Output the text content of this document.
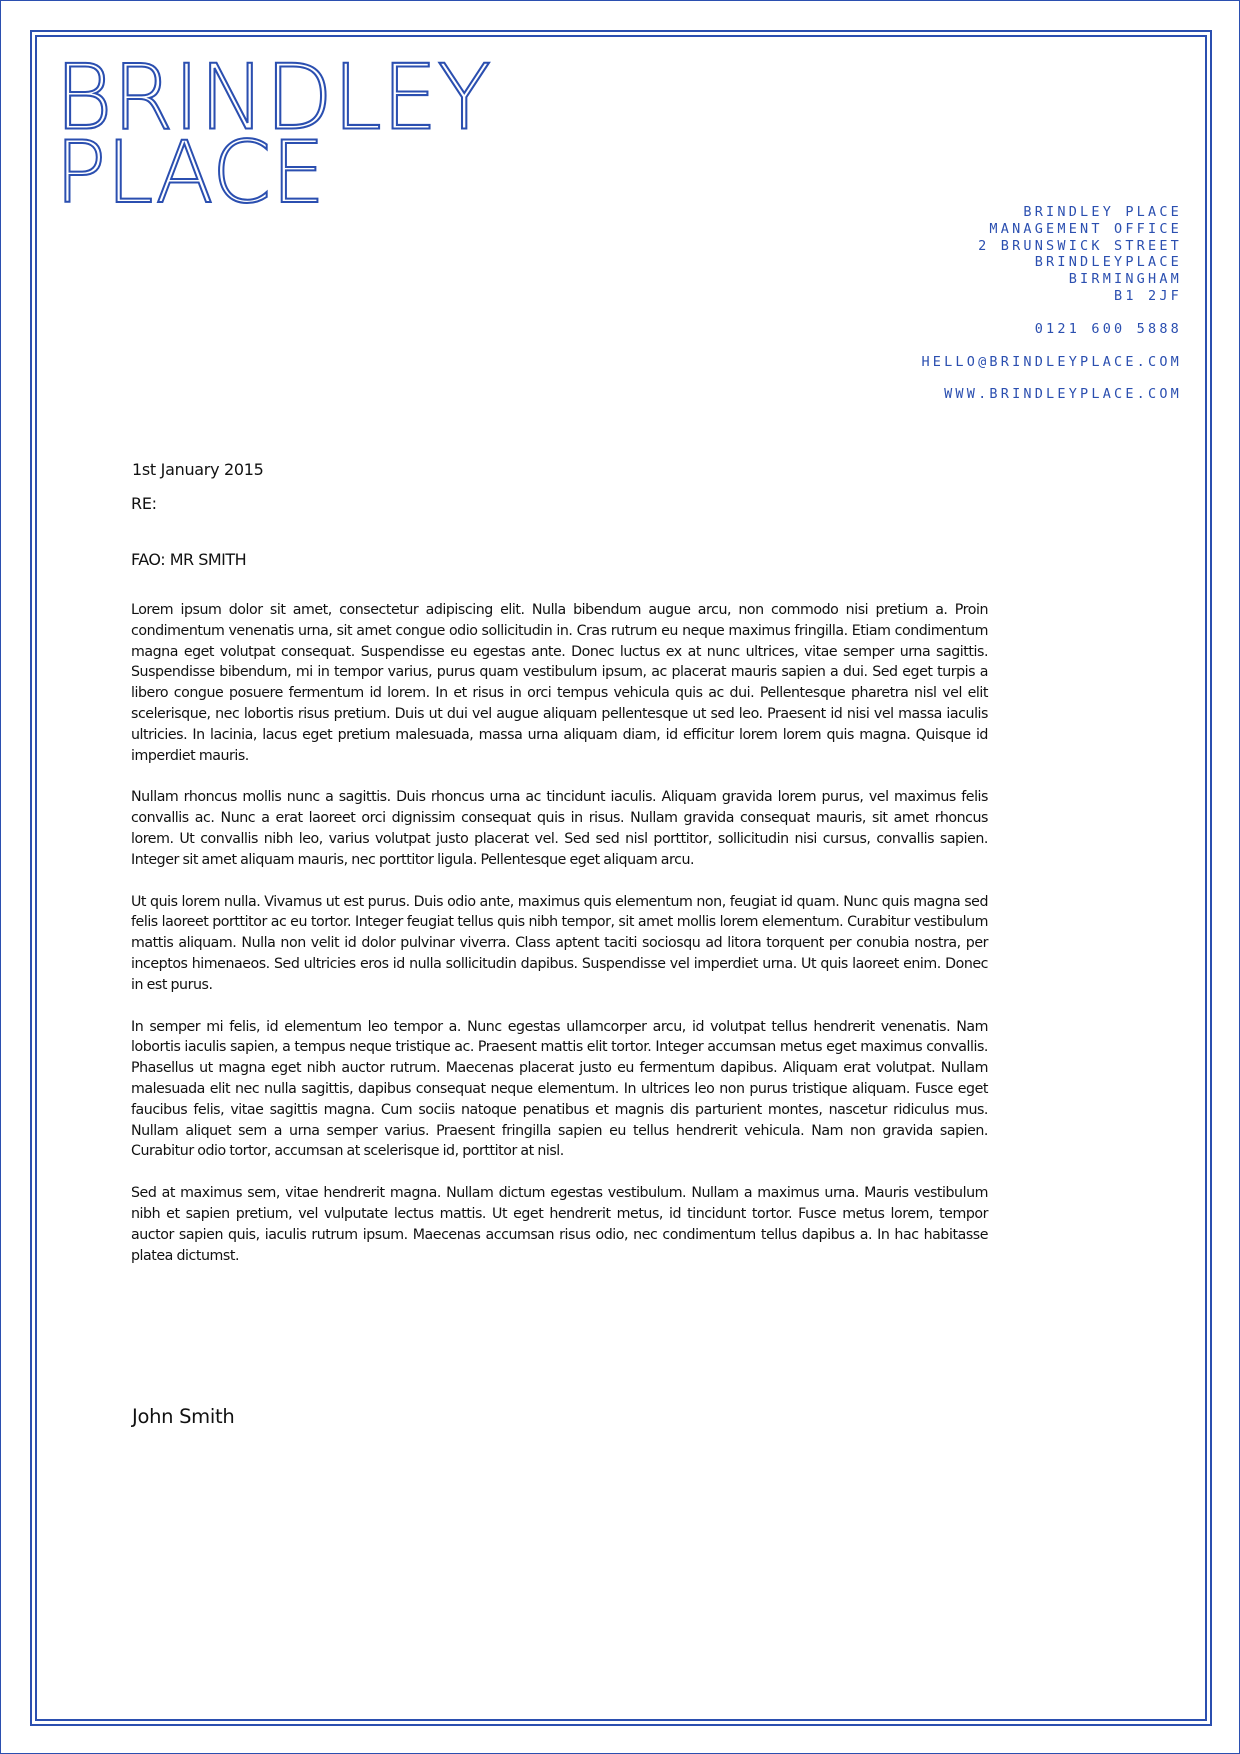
BRINDLEY
PLACE	BRINDLEY PLACE
MANAGEMENT OFFICE
2 BRUNSWICK STREET
BRINDLEYPLACE
BIRMINGHAM
B1 2JF
0121 600 5888
HELLO@BRINDLEYPLACE.COM
WWW.BRINDLEYPLACE.COM
1st January 2015
RE:
FAO: MR SMITH

Lorem ipsum dolor sit amet, consectetur adipiscing elit. Nulla bibendum augue arcu, non commodo nisi pretium a. Proin condimentum venenatis urna, sit amet congue odio sollicitudin in. Cras rutrum eu neque maximus fringilla. Etiam condimentum magna eget volutpat consequat. Suspendisse eu egestas ante. Donec luctus ex at nunc ultrices, vitae semper urna sagittis. Suspendisse bibendum, mi in tempor varius, purus quam vestibulum ipsum, ac placerat mauris sapien a dui. Sed eget turpis a libero congue posuere fermentum id lorem. In et risus in orci tempus vehicula quis ac dui. Pellentesque pharetra nisl vel elit scelerisque, nec lobortis risus pretium. Duis ut dui vel augue aliquam pellentesque ut sed leo. Praesent id nisi vel massa iaculis ultricies. In lacinia, lacus eget pretium malesuada, massa urna aliquam diam, id efficitur lorem lorem quis magna. Quisque id imperdiet mauris.

Nullam rhoncus mollis nunc a sagittis. Duis rhoncus urna ac tincidunt iaculis. Aliquam gravida lorem purus, vel maximus felis convallis ac. Nunc a erat laoreet orci dignissim consequat quis in risus. Nullam gravida consequat mauris, sit amet rhoncus lorem. Ut convallis nibh leo, varius volutpat justo placerat vel. Sed sed nisl porttitor, sollicitudin nisi cursus, convallis sapien. Integer sit amet aliquam mauris, nec porttitor ligula. Pellentesque eget aliquam arcu.

Ut quis lorem nulla. Vivamus ut est purus. Duis odio ante, maximus quis elementum non, feugiat id quam. Nunc quis magna sed felis laoreet porttitor ac eu tortor. Integer feugiat tellus quis nibh tempor, sit amet mollis lorem elementum. Curabitur vestibulum mattis aliquam. Nulla non velit id dolor pulvinar viverra. Class aptent taciti sociosqu ad litora torquent per conubia nostra, per inceptos himenaeos. Sed ultricies eros id nulla sollicitudin dapibus. Suspendisse vel imperdiet urna. Ut quis laoreet enim. Donec in est purus.

In semper mi felis, id elementum leo tempor a. Nunc egestas ullamcorper arcu, id volutpat tellus hendrerit venenatis. Nam lobortis iaculis sapien, a tempus neque tristique ac. Praesent mattis elit tortor. Integer accumsan metus eget maximus convallis. Phasellus ut magna eget nibh auctor rutrum. Maecenas placerat justo eu fermentum dapibus. Aliquam erat volutpat. Nullam malesuada elit nec nulla sagittis, dapibus consequat neque elementum. In ultrices leo non purus tristique aliquam. Fusce eget faucibus felis, vitae sagittis magna. Cum sociis natoque penatibus et magnis dis parturient montes, nascetur ridiculus mus. Nullam aliquet sem a urna semper varius. Praesent fringilla sapien eu tellus hendrerit vehicula. Nam non gravida sapien. Curabitur odio tortor, accumsan at scelerisque id, porttitor at nisl.

Sed at maximus sem, vitae hendrerit magna. Nullam dictum egestas vestibulum. Nullam a maximus urna. Mauris vestibulum nibh et sapien pretium, vel vulputate lectus mattis. Ut eget hendrerit metus, id tincidunt tortor. Fusce metus lorem, tempor auctor sapien quis, iaculis rutrum ipsum. Maecenas accumsan risus odio, nec condimentum tellus dapibus a. In hac habitasse platea dictumst.

John Smith
